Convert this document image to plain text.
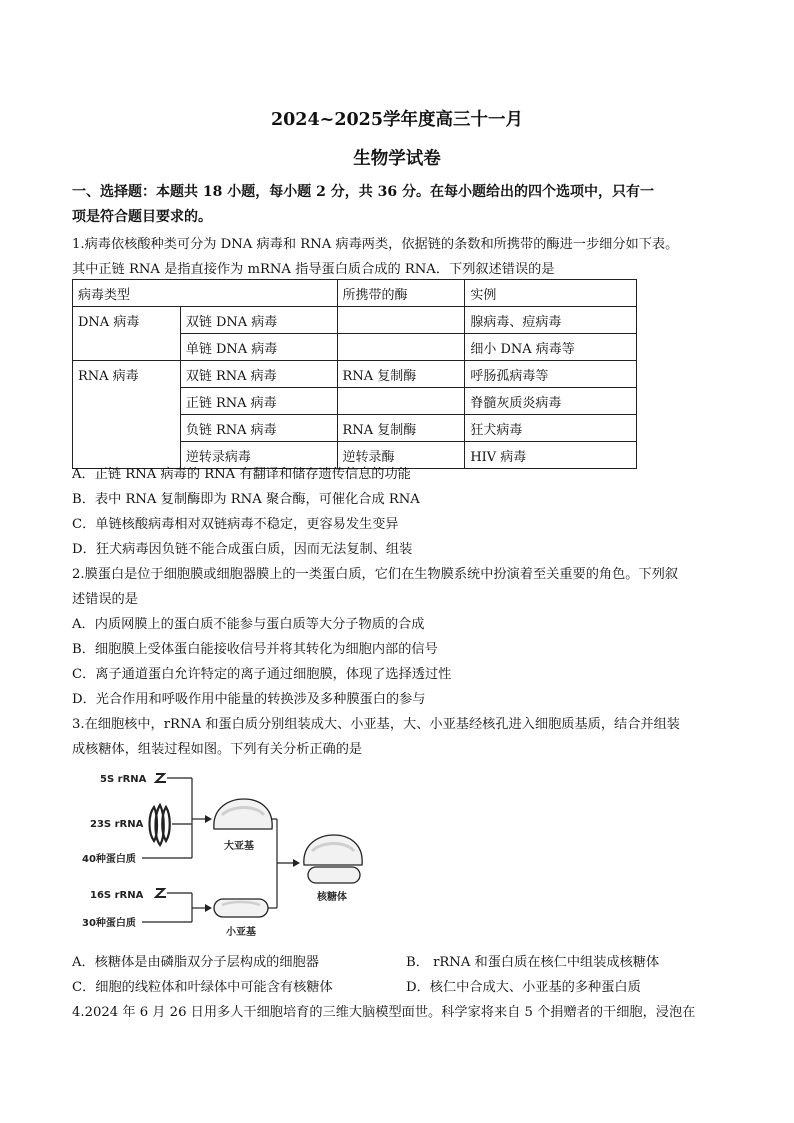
2024~2025学年度高三十一月
生物学试卷
一、选择题：本题共 18 小题，每小题 2 分，共 36 分。在每小题给出的四个选项中，只有一
项是符合题目要求的。
1.病毒依核酸种类可分为 DNA 病毒和 RNA 病毒两类，依据链的条数和所携带的酶进一步细分如下表。
其中正链 RNA 是指直接作为 mRNA 指导蛋白质合成的 RNA．下列叙述错误的是
病毒类型		所携带的酶	实例
DNA 病毒	双链 DNA 病毒		腺病毒、痘病毒
	单链 DNA 病毒		细小 DNA 病毒等
RNA 病毒	双链 RNA 病毒	RNA 复制酶	呼肠孤病毒等
	正链 RNA 病毒		脊髓灰质炎病毒
	负链 RNA 病毒	RNA 复制酶	狂犬病毒
	逆转录病毒	逆转录酶	HIV 病毒
A．正链 RNA 病毒的 RNA 有翻译和储存遗传信息的功能
B．表中 RNA 复制酶即为 RNA 聚合酶，可催化合成 RNA
C．单链核酸病毒相对双链病毒不稳定，更容易发生变异
D．狂犬病毒因负链不能合成蛋白质，因而无法复制、组装
2.膜蛋白是位于细胞膜或细胞器膜上的一类蛋白质，它们在生物膜系统中扮演着至关重要的角色。下列叙
述错误的是
A．内质网膜上的蛋白质不能参与蛋白质等大分子物质的合成
B．细胞膜上受体蛋白能接收信号并将其转化为细胞内部的信号
C．离子通道蛋白允许特定的离子通过细胞膜，体现了选择透过性
D．光合作用和呼吸作用中能量的转换涉及多种膜蛋白的参与
3.在细胞核中，rRNA 和蛋白质分别组装成大、小亚基，大、小亚基经核孔进入细胞质基质，结合并组装
成核糖体，组装过程如图。下列有关分析正确的是
5S rRNA
23S rRNA
40种蛋白质
大亚基
16S rRNA
30种蛋白质
小亚基
核糖体
A．核糖体是由磷脂双分子层构成的细胞器	B． rRNA 和蛋白质在核仁中组装成核糖体
C．细胞的线粒体和叶绿体中可能含有核糖体	D．核仁中合成大、小亚基的多种蛋白质
4.2024 年 6 月 26 日用多人干细胞培育的三维大脑模型面世。科学家将来自 5 个捐赠者的干细胞，浸泡在
